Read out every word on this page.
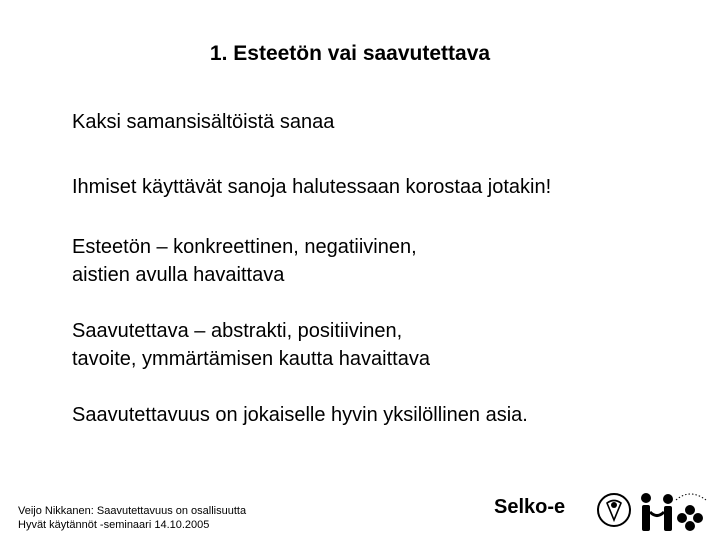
1. Esteetön vai saavutettava
Kaksi samansisältöistä sanaa
Ihmiset käyttävät sanoja halutessaan korostaa jotakin!
Esteetön – konkreettinen, negatiivinen,
aistien avulla havaittava
Saavutettava – abstrakti, positiivinen,
tavoite, ymmärtämisen kautta havaittava
Saavutettavuus on jokaiselle hyvin yksilöllinen asia.
Veijo Nikkanen: Saavutettavuus on osallisuutta
Hyvät käytännöt -seminaari 14.10.2005
Selko-e
